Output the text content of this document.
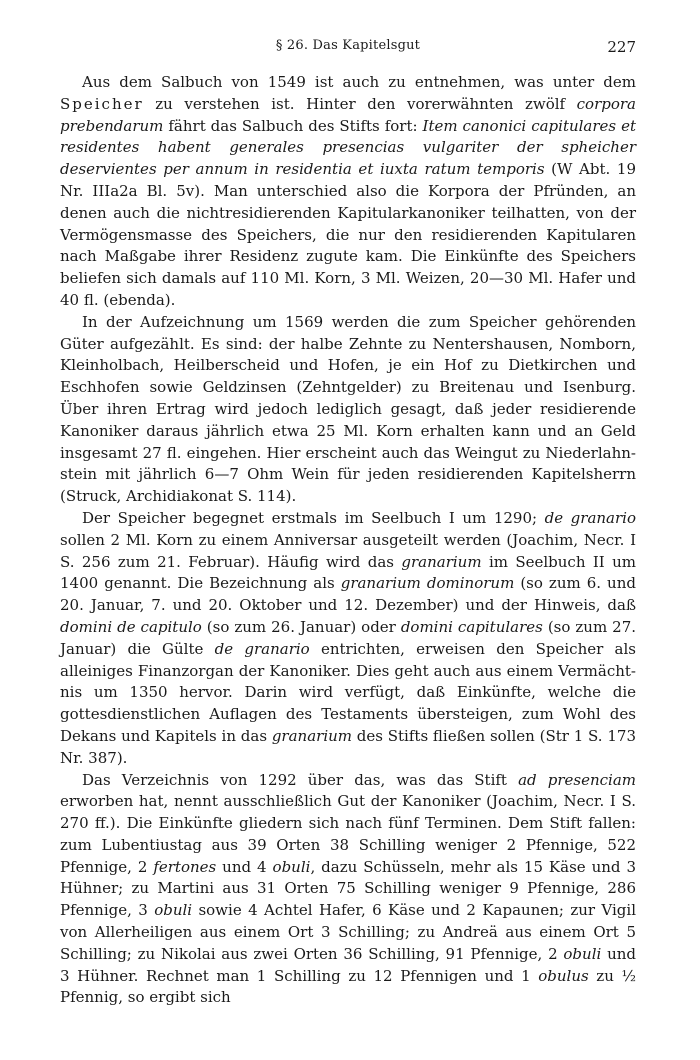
§ 26. Das Kapitelsgut	227

Aus dem Salbuch von 1549 ist auch zu entnehmen, was unter dem Speicher zu verstehen ist. Hinter den vorerwähnten zwölf corpora prebendarum fährt das Salbuch des Stifts fort: Item canonici capitulares et residentes habent generales presencias vulgariter der spheicher deservientes per annum in residentia et iuxta ratum temporis (W Abt. 19 Nr. IIIa2a Bl. 5v). Man unterschied also die Korpora der Pfründen, an denen auch die nichtresidierenden Kapitularkanoniker teilhatten, von der Vermögensmasse des Speichers, die nur den residierenden Kapitularen nach Maßgabe ihrer Residenz zugute kam. Die Einkünfte des Speichers beliefen sich damals auf 110 Ml. Korn, 3 Ml. Weizen, 20—30 Ml. Hafer und 40 fl. (ebenda).

In der Aufzeichnung um 1569 werden die zum Speicher gehörenden Güter aufgezählt. Es sind: der halbe Zehnte zu Nentershausen, Nomborn, Kleinholbach, Heilberscheid und Hofen, je ein Hof zu Dietkirchen und Eschhofen sowie Geldzinsen (Zehntgelder) zu Breitenau und Isenburg. Über ihren Ertrag wird jedoch lediglich gesagt, daß jeder residierende Kanoniker daraus jährlich etwa 25 Ml. Korn erhalten kann und an Geld insgesamt 27 fl. eingehen. Hier erscheint auch das Weingut zu Niederlahnstein mit jährlich 6—7 Ohm Wein für jeden residierenden Kapitelsherrn (Struck, Archidiakonat S. 114).

Der Speicher begegnet erstmals im Seelbuch I um 1290; de granario sollen 2 Ml. Korn zu einem Anniversar ausgeteilt werden (Joachim, Necr. I S. 256 zum 21. Februar). Häufig wird das granarium im Seelbuch II um 1400 genannt. Die Bezeichnung als granarium dominorum (so zum 6. und 20. Januar, 7. und 20. Oktober und 12. Dezember) und der Hinweis, daß domini de capitulo (so zum 26. Januar) oder domini capitulares (so zum 27. Januar) die Gülte de granario entrichten, erweisen den Speicher als alleiniges Finanzorgan der Kanoniker. Dies geht auch aus einem Vermächtnis um 1350 hervor. Darin wird verfügt, daß Einkünfte, welche die gottesdienstlichen Auflagen des Testaments übersteigen, zum Wohl des Dekans und Kapitels in das granarium des Stifts fließen sollen (Str 1 S. 173 Nr. 387).

Das Verzeichnis von 1292 über das, was das Stift ad presenciam erworben hat, nennt ausschließlich Gut der Kanoniker (Joachim, Necr. I S. 270 ff.). Die Einkünfte gliedern sich nach fünf Terminen. Dem Stift fallen: zum Lubentiustag aus 39 Orten 38 Schilling weniger 2 Pfennige, 522 Pfennige, 2 fertones und 4 obuli, dazu Schüsseln, mehr als 15 Käse und 3 Hühner; zu Martini aus 31 Orten 75 Schilling weniger 9 Pfennige, 286 Pfennige, 3 obuli sowie 4 Achtel Hafer, 6 Käse und 2 Kapaunen; zur Vigil von Allerheiligen aus einem Ort 3 Schilling; zu Andreä aus einem Ort 5 Schilling; zu Nikolai aus zwei Orten 36 Schilling, 91 Pfennige, 2 obuli und 3 Hühner. Rechnet man 1 Schilling zu 12 Pfennigen und 1 obulus zu ½ Pfennig, so ergibt sich
